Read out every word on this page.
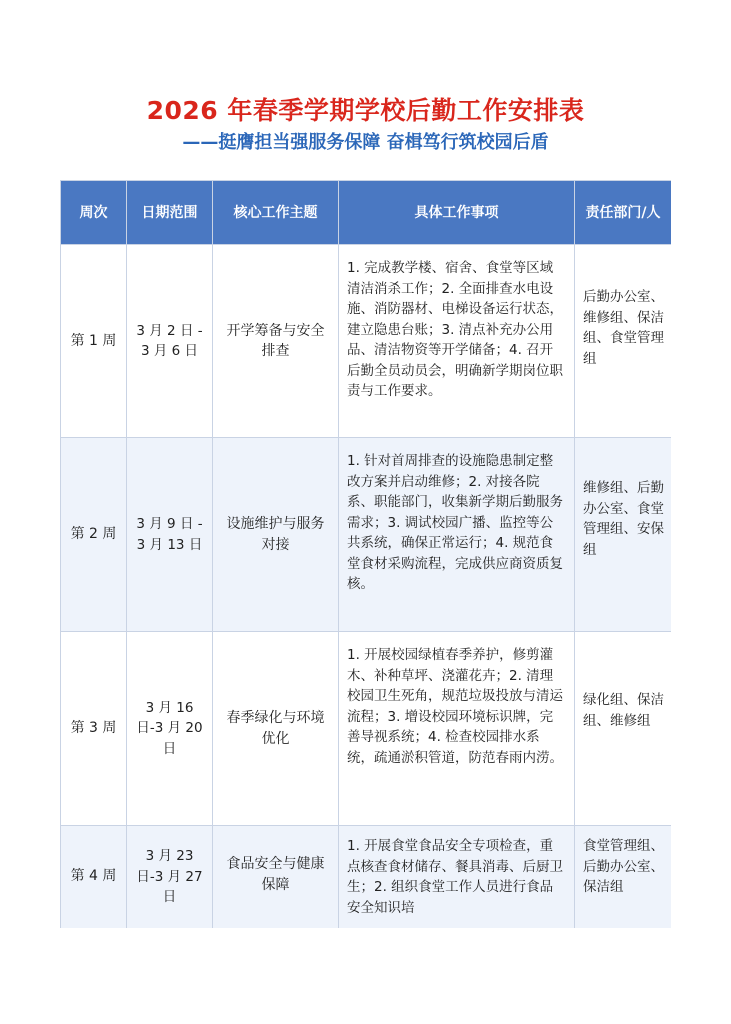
2026 年春季学期学校后勤工作安排表
——挺膺担当强服务保障 奋楫笃行筑校园后盾
周次	日期范围	核心工作主题	具体工作事项	责任部门/人
第 1 周	3 月 2 日 -3 月 6 日	开学筹备与安全排查	1. 完成教学楼、宿舍、食堂等区域清洁消杀工作；2. 全面排查水电设施、消防器材、电梯设备运行状态，建立隐患台账；3. 清点补充办公用品、清洁物资等开学储备；4. 召开后勤全员动员会，明确新学期岗位职责与工作要求。	后勤办公室、维修组、保洁组、食堂管理组
第 2 周	3 月 9 日 -3 月 13 日	设施维护与服务对接	1. 针对首周排查的设施隐患制定整改方案并启动维修；2. 对接各院系、职能部门，收集新学期后勤服务需求；3. 调试校园广播、监控等公共系统，确保正常运行；4. 规范食堂食材采购流程，完成供应商资质复核。	维修组、后勤办公室、食堂管理组、安保组
第 3 周	3 月 16 日-3 月 20 日	春季绿化与环境优化	1. 开展校园绿植春季养护，修剪灌木、补种草坪、浇灌花卉；2. 清理校园卫生死角，规范垃圾投放与清运流程；3. 增设校园环境标识牌，完善导视系统；4. 检查校园排水系统，疏通淤积管道，防范春雨内涝。	绿化组、保洁组、维修组
第 4 周	3 月 23 日-3 月 27 日	食品安全与健康保障	1. 开展食堂食品安全专项检查，重点核查食材储存、餐具消毒、后厨卫生；2. 组织食堂工作人员进行食品安全知识培	食堂管理组、后勤办公室、保洁组
